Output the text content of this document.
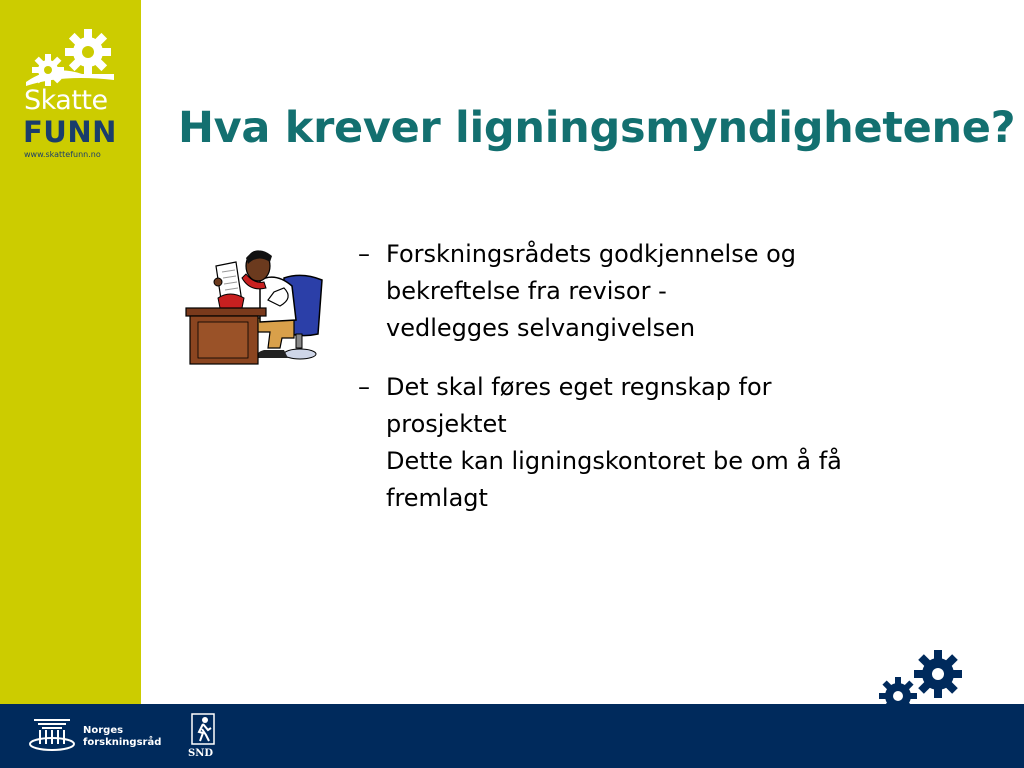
Skatte
FUNN
www.skattefunn.no
Hva krever ligningsmyndighetene?
– Forskningsrådets godkjennelse og
bekreftelse fra revisor -
vedlegges selvangivelsen
– Det skal føres eget regnskap for
prosjektet
Dette kan ligningskontoret be om å få
fremlagt
Norges
forskningsråd
SND
